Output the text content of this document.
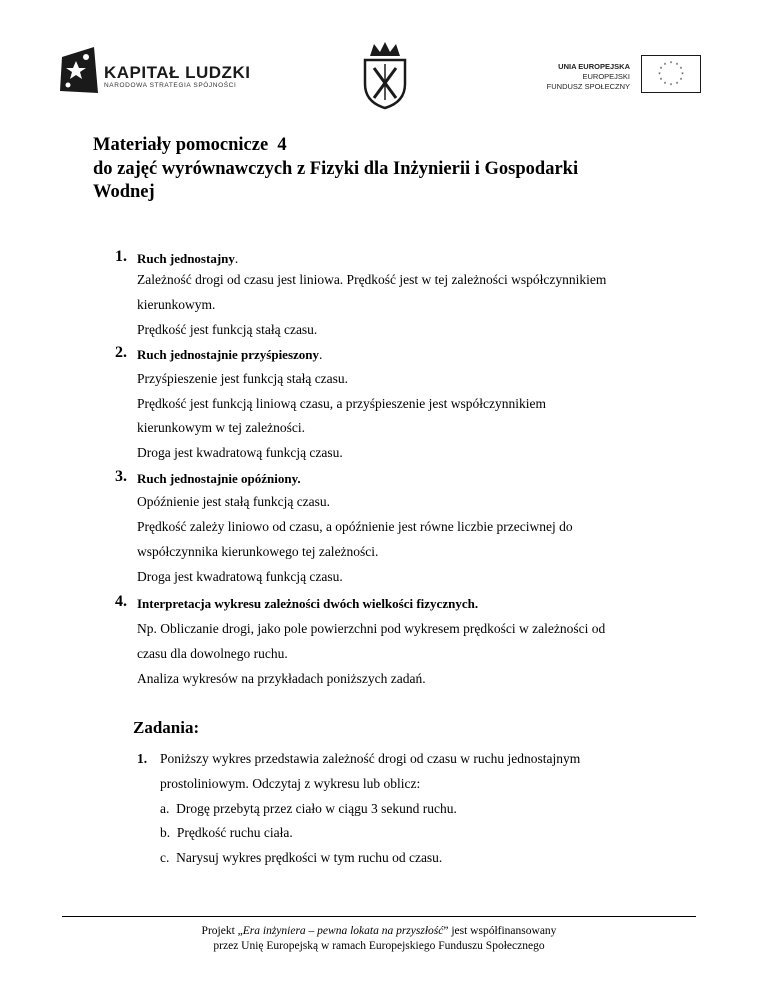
KAPITAŁ LUDZKI
NARODOWA STRATEGIA SPÓJNOŚCI
UNIA EUROPEJSKA
EUROPEJSKI
FUNDUSZ SPOŁECZNY
* *
*
*
*
*
*
*
*
*
*
*
Materiały pomocnicze  4
do zajęć wyrównawczych z Fizyki dla Inżynierii i Gospodarki
Wodnej
1. Ruch jednostajny.
Zależność drogi od czasu jest liniowa. Prędkość jest w tej zależności współczynnikiem
kierunkowym.
Prędkość jest funkcją stałą czasu.
2. Ruch jednostajnie przyśpieszony.
Przyśpieszenie jest funkcją stałą czasu.
Prędkość jest funkcją liniową czasu, a przyśpieszenie jest współczynnikiem
kierunkowym w tej zależności.
Droga jest kwadratową funkcją czasu.
3. Ruch jednostajnie opóźniony.
Opóźnienie jest stałą funkcją czasu.
Prędkość zależy liniowo od czasu, a opóźnienie jest równe liczbie przeciwnej do
współczynnika kierunkowego tej zależności.
Droga jest kwadratową funkcją czasu.
4. Interpretacja wykresu zależności dwóch wielkości fizycznych.
Np. Obliczanie drogi, jako pole powierzchni pod wykresem prędkości w zależności od
czasu dla dowolnego ruchu.
Analiza wykresów na przykładach poniższych zadań.
Zadania:
1. Poniższy wykres przedstawia zależność drogi od czasu w ruchu jednostajnym
prostoliniowym. Odczytaj z wykresu lub oblicz:
a. Drogę przebytą przez ciało w ciągu 3 sekund ruchu.
b. Prędkość ruchu ciała.
c. Narysuj wykres prędkości w tym ruchu od czasu.
Projekt „Era inżyniera – pewna lokata na przyszłość” jest współfinansowany
przez Unię Europejską w ramach Europejskiego Funduszu Społecznego
